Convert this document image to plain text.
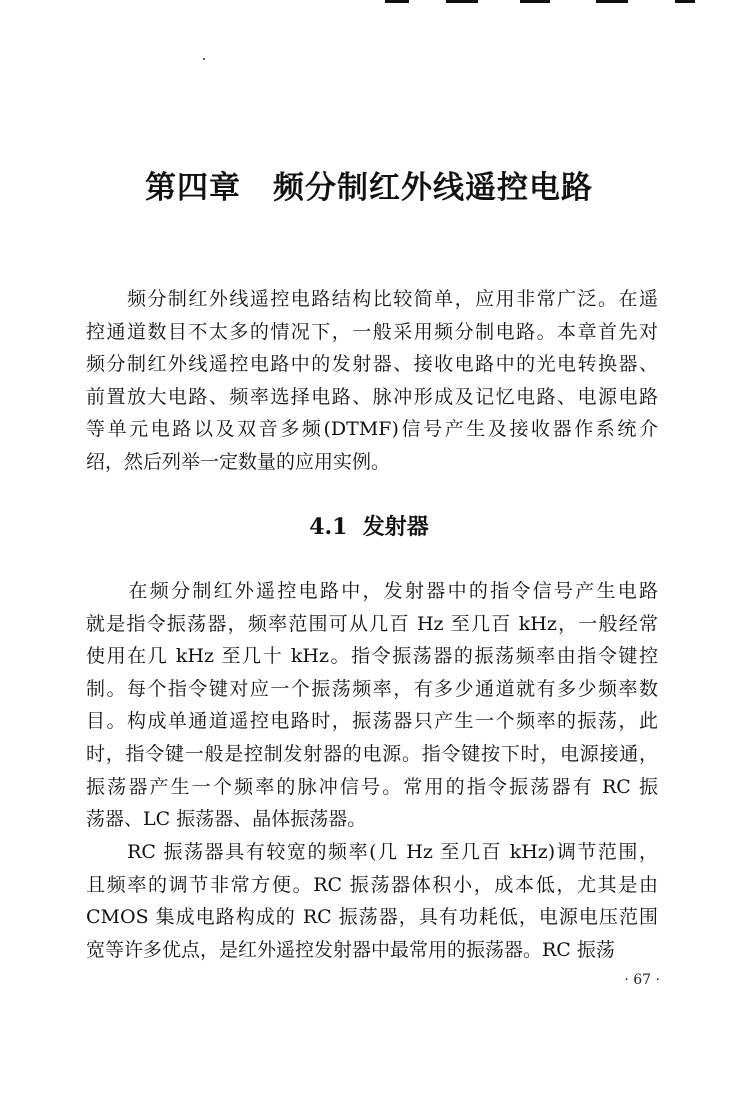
第四章　频分制红外线遥控电路
　　频分制红外线遥控电路结构比较简单，应用非常广泛。在遥
控通道数目不太多的情况下，一般采用频分制电路。本章首先对
频分制红外线遥控电路中的发射器、接收电路中的光电转换器、
前置放大电路、频率选择电路、脉冲形成及记忆电路、电源电路
等单元电路以及双音多频(DTMF)信号产生及接收器作系统介
绍，然后列举一定数量的应用实例。
4.1  发射器
　　在频分制红外遥控电路中，发射器中的指令信号产生电路
就是指令振荡器，频率范围可从几百 Hz 至几百 kHz，一般经常
使用在几 kHz 至几十 kHz。指令振荡器的振荡频率由指令键控
制。每个指令键对应一个振荡频率，有多少通道就有多少频率数
目。构成单通道遥控电路时，振荡器只产生一个频率的振荡，此
时，指令键一般是控制发射器的电源。指令键按下时，电源接通，
振荡器产生一个频率的脉冲信号。常用的指令振荡器有 RC 振
荡器、LC 振荡器、晶体振荡器。
　　RC 振荡器具有较宽的频率(几 Hz 至几百 kHz)调节范围，
且频率的调节非常方便。RC 振荡器体积小，成本低，尤其是由
CMOS 集成电路构成的 RC 振荡器，具有功耗低，电源电压范围
宽等许多优点，是红外遥控发射器中最常用的振荡器。RC 振荡
· 67 ·
